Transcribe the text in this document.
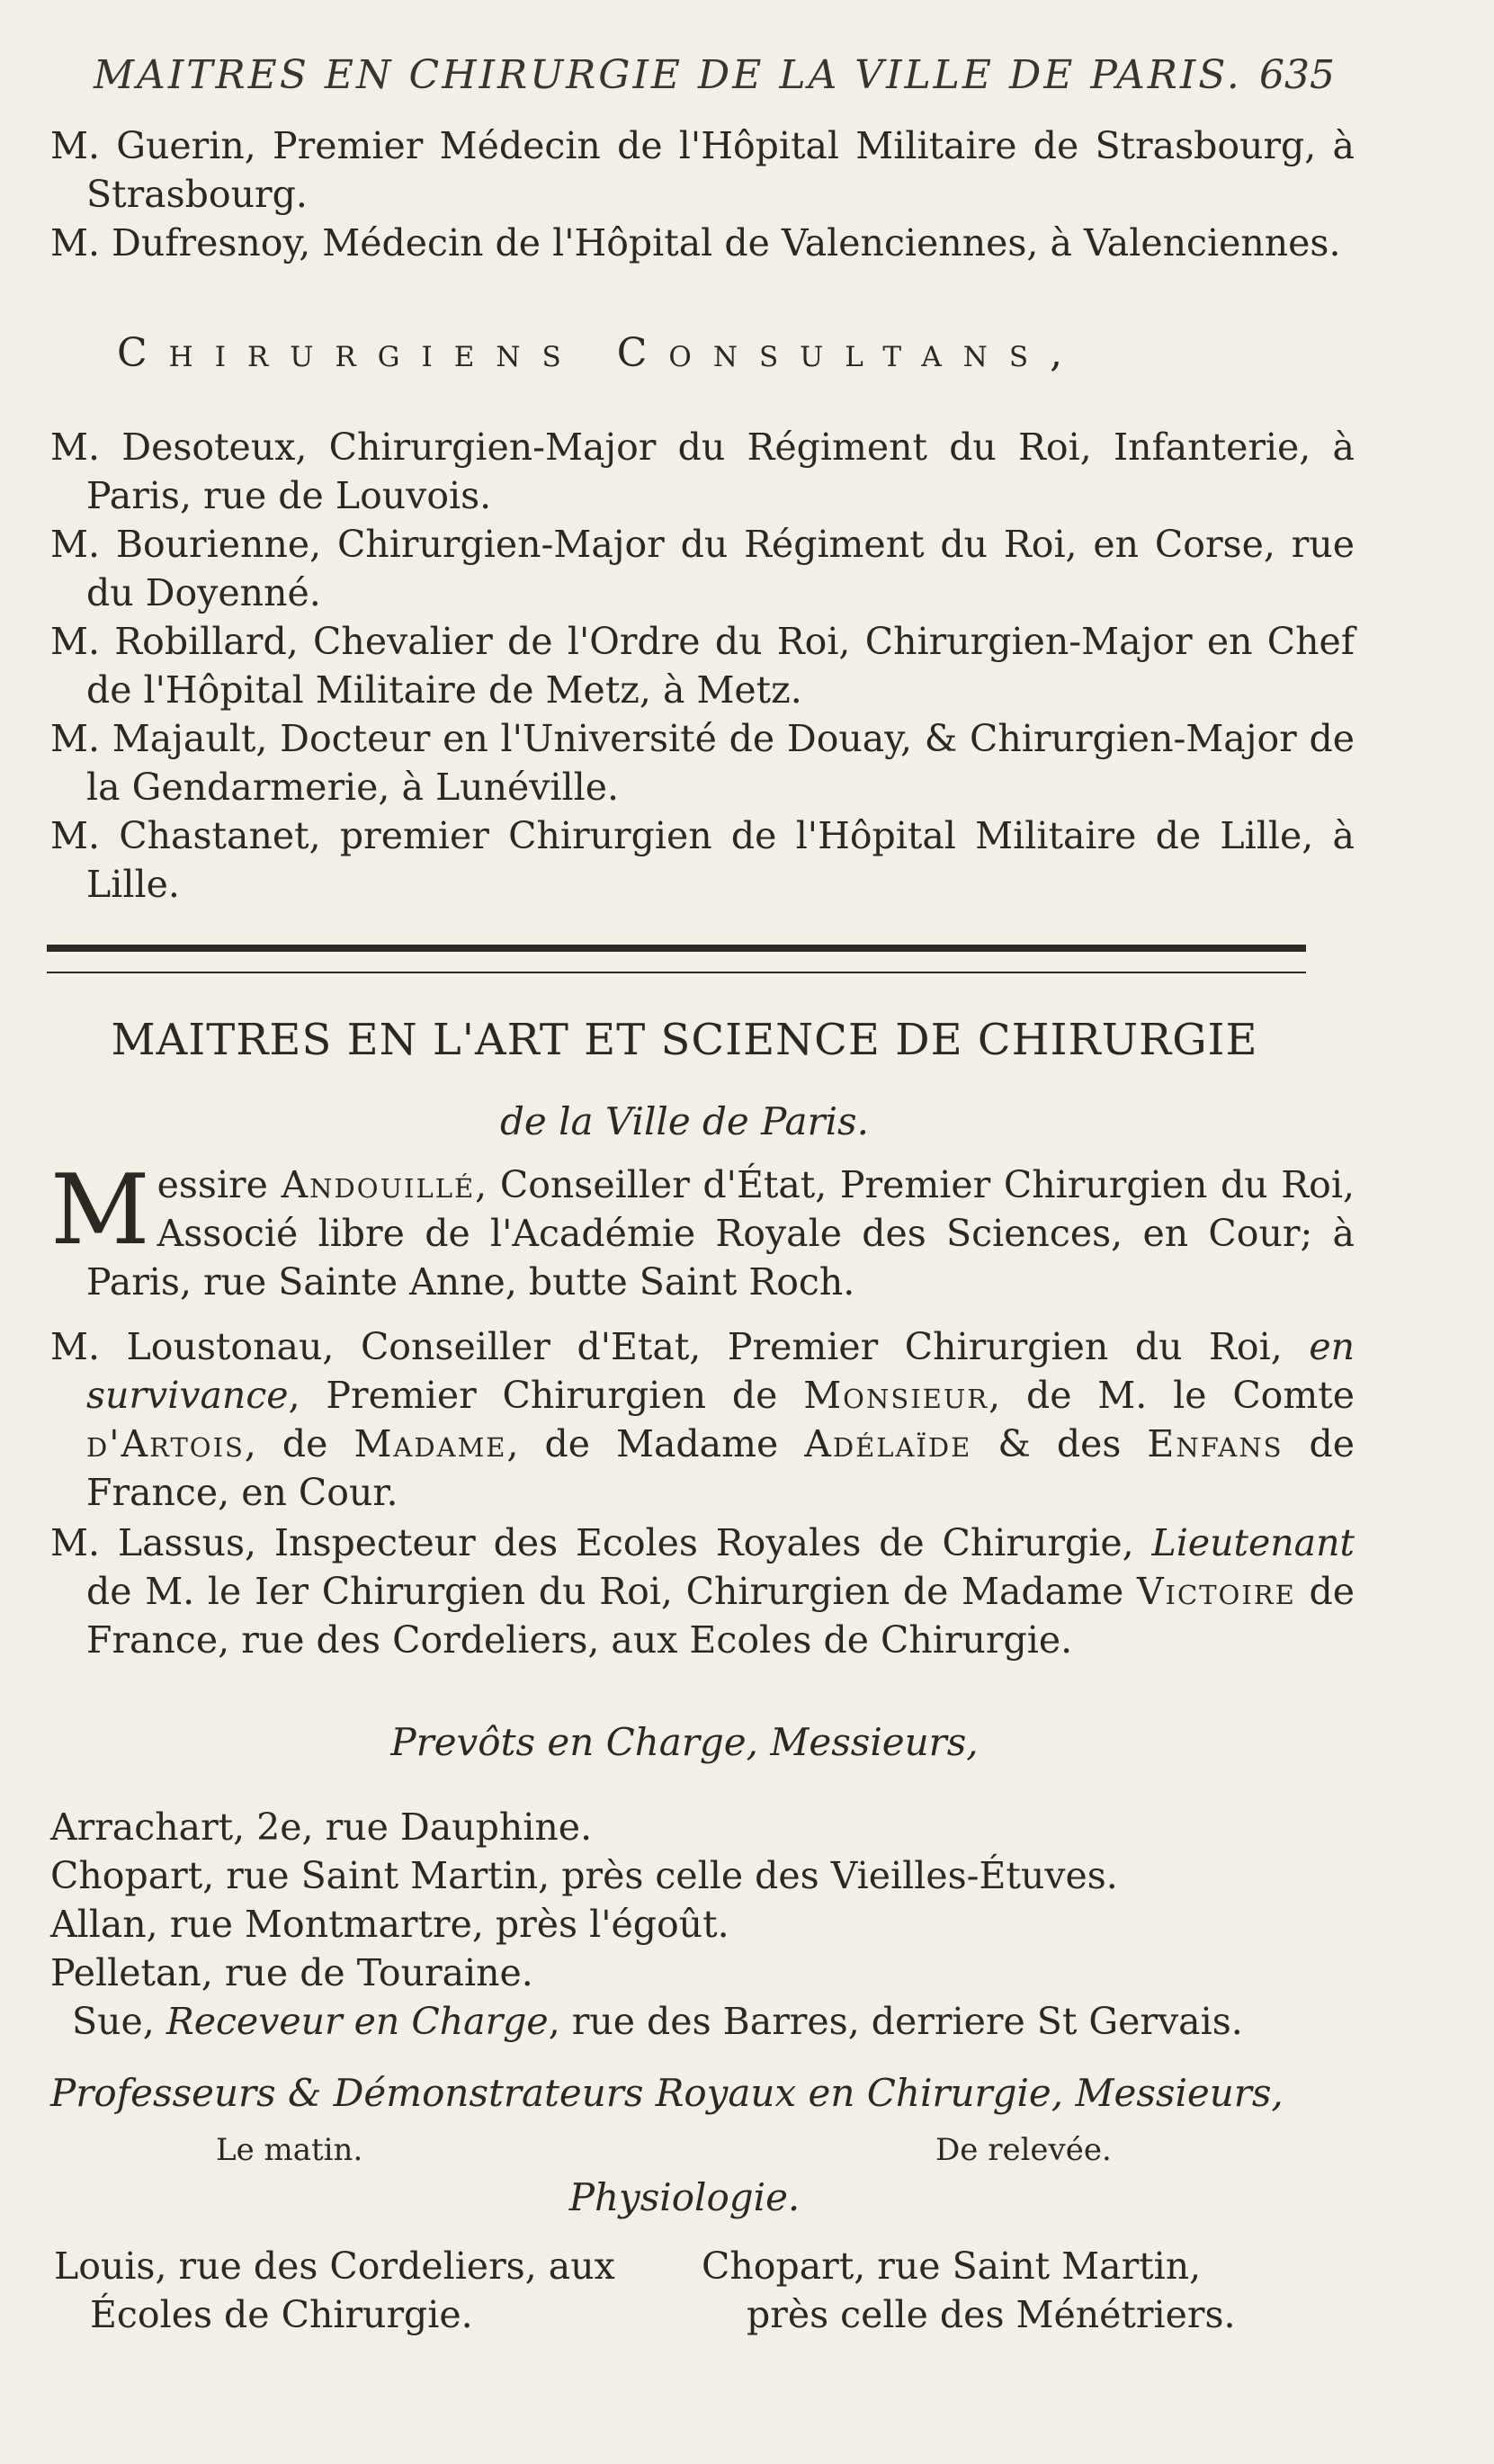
MAITRES EN CHIRURGIE DE LA VILLE DE PARIS. 635
M. Guerin, Premier Médecin de l'Hôpital Militaire de Strasbourg, à Strasbourg.
M. Dufresnoy, Médecin de l'Hôpital de Valenciennes, à Valenciennes.
Chirurgiens Consultans,
M. Desoteux, Chirurgien-Major du Régiment du Roi, Infanterie, à Paris, rue de Louvois.
M. Bourienne, Chirurgien-Major du Régiment du Roi, en Corse, rue du Doyenné.
M. Robillard, Chevalier de l'Ordre du Roi, Chirurgien-Major en Chef de l'Hôpital Militaire de Metz, à Metz.
M. Majault, Docteur en l'Université de Douay, & Chirurgien-Major de la Gendarmerie, à Lunéville.
M. Chastanet, premier Chirurgien de l'Hôpital Militaire de Lille, à Lille.
MAITRES EN L'ART ET SCIENCE DE CHIRURGIE
de la Ville de Paris.
Messire Andouillé, Conseiller d'État, Premier Chirurgien du Roi, Associé libre de l'Académie Royale des Sciences, en Cour; à Paris, rue Sainte Anne, butte Saint Roch.
M. Loustonau, Conseiller d'Etat, Premier Chirurgien du Roi, en survivance, Premier Chirurgien de Monsieur, de M. le Comte d'Artois, de Madame, de Madame Adélaïde & des Enfans de France, en Cour.
M. Lassus, Inspecteur des Ecoles Royales de Chirurgie, Lieutenant de M. le Ier Chirurgien du Roi, Chirurgien de Madame Victoire de France, rue des Cordeliers, aux Ecoles de Chirurgie.
Prevôts en Charge, Messieurs,
Arrachart, 2e, rue Dauphine.
Chopart, rue Saint Martin, près celle des Vieilles-Étuves.
Allan, rue Montmartre, près l'égoût.
Pelletan, rue de Touraine.
Sue, Receveur en Charge, rue des Barres, derriere St Gervais.
Professeurs & Démonstrateurs Royaux en Chirurgie, Messieurs,
Le matin.	De relevée.
Physiologie.
Louis, rue des Cordeliers, aux
Écoles de Chirurgie.
Chopart, rue Saint Martin,
près celle des Ménétriers.
